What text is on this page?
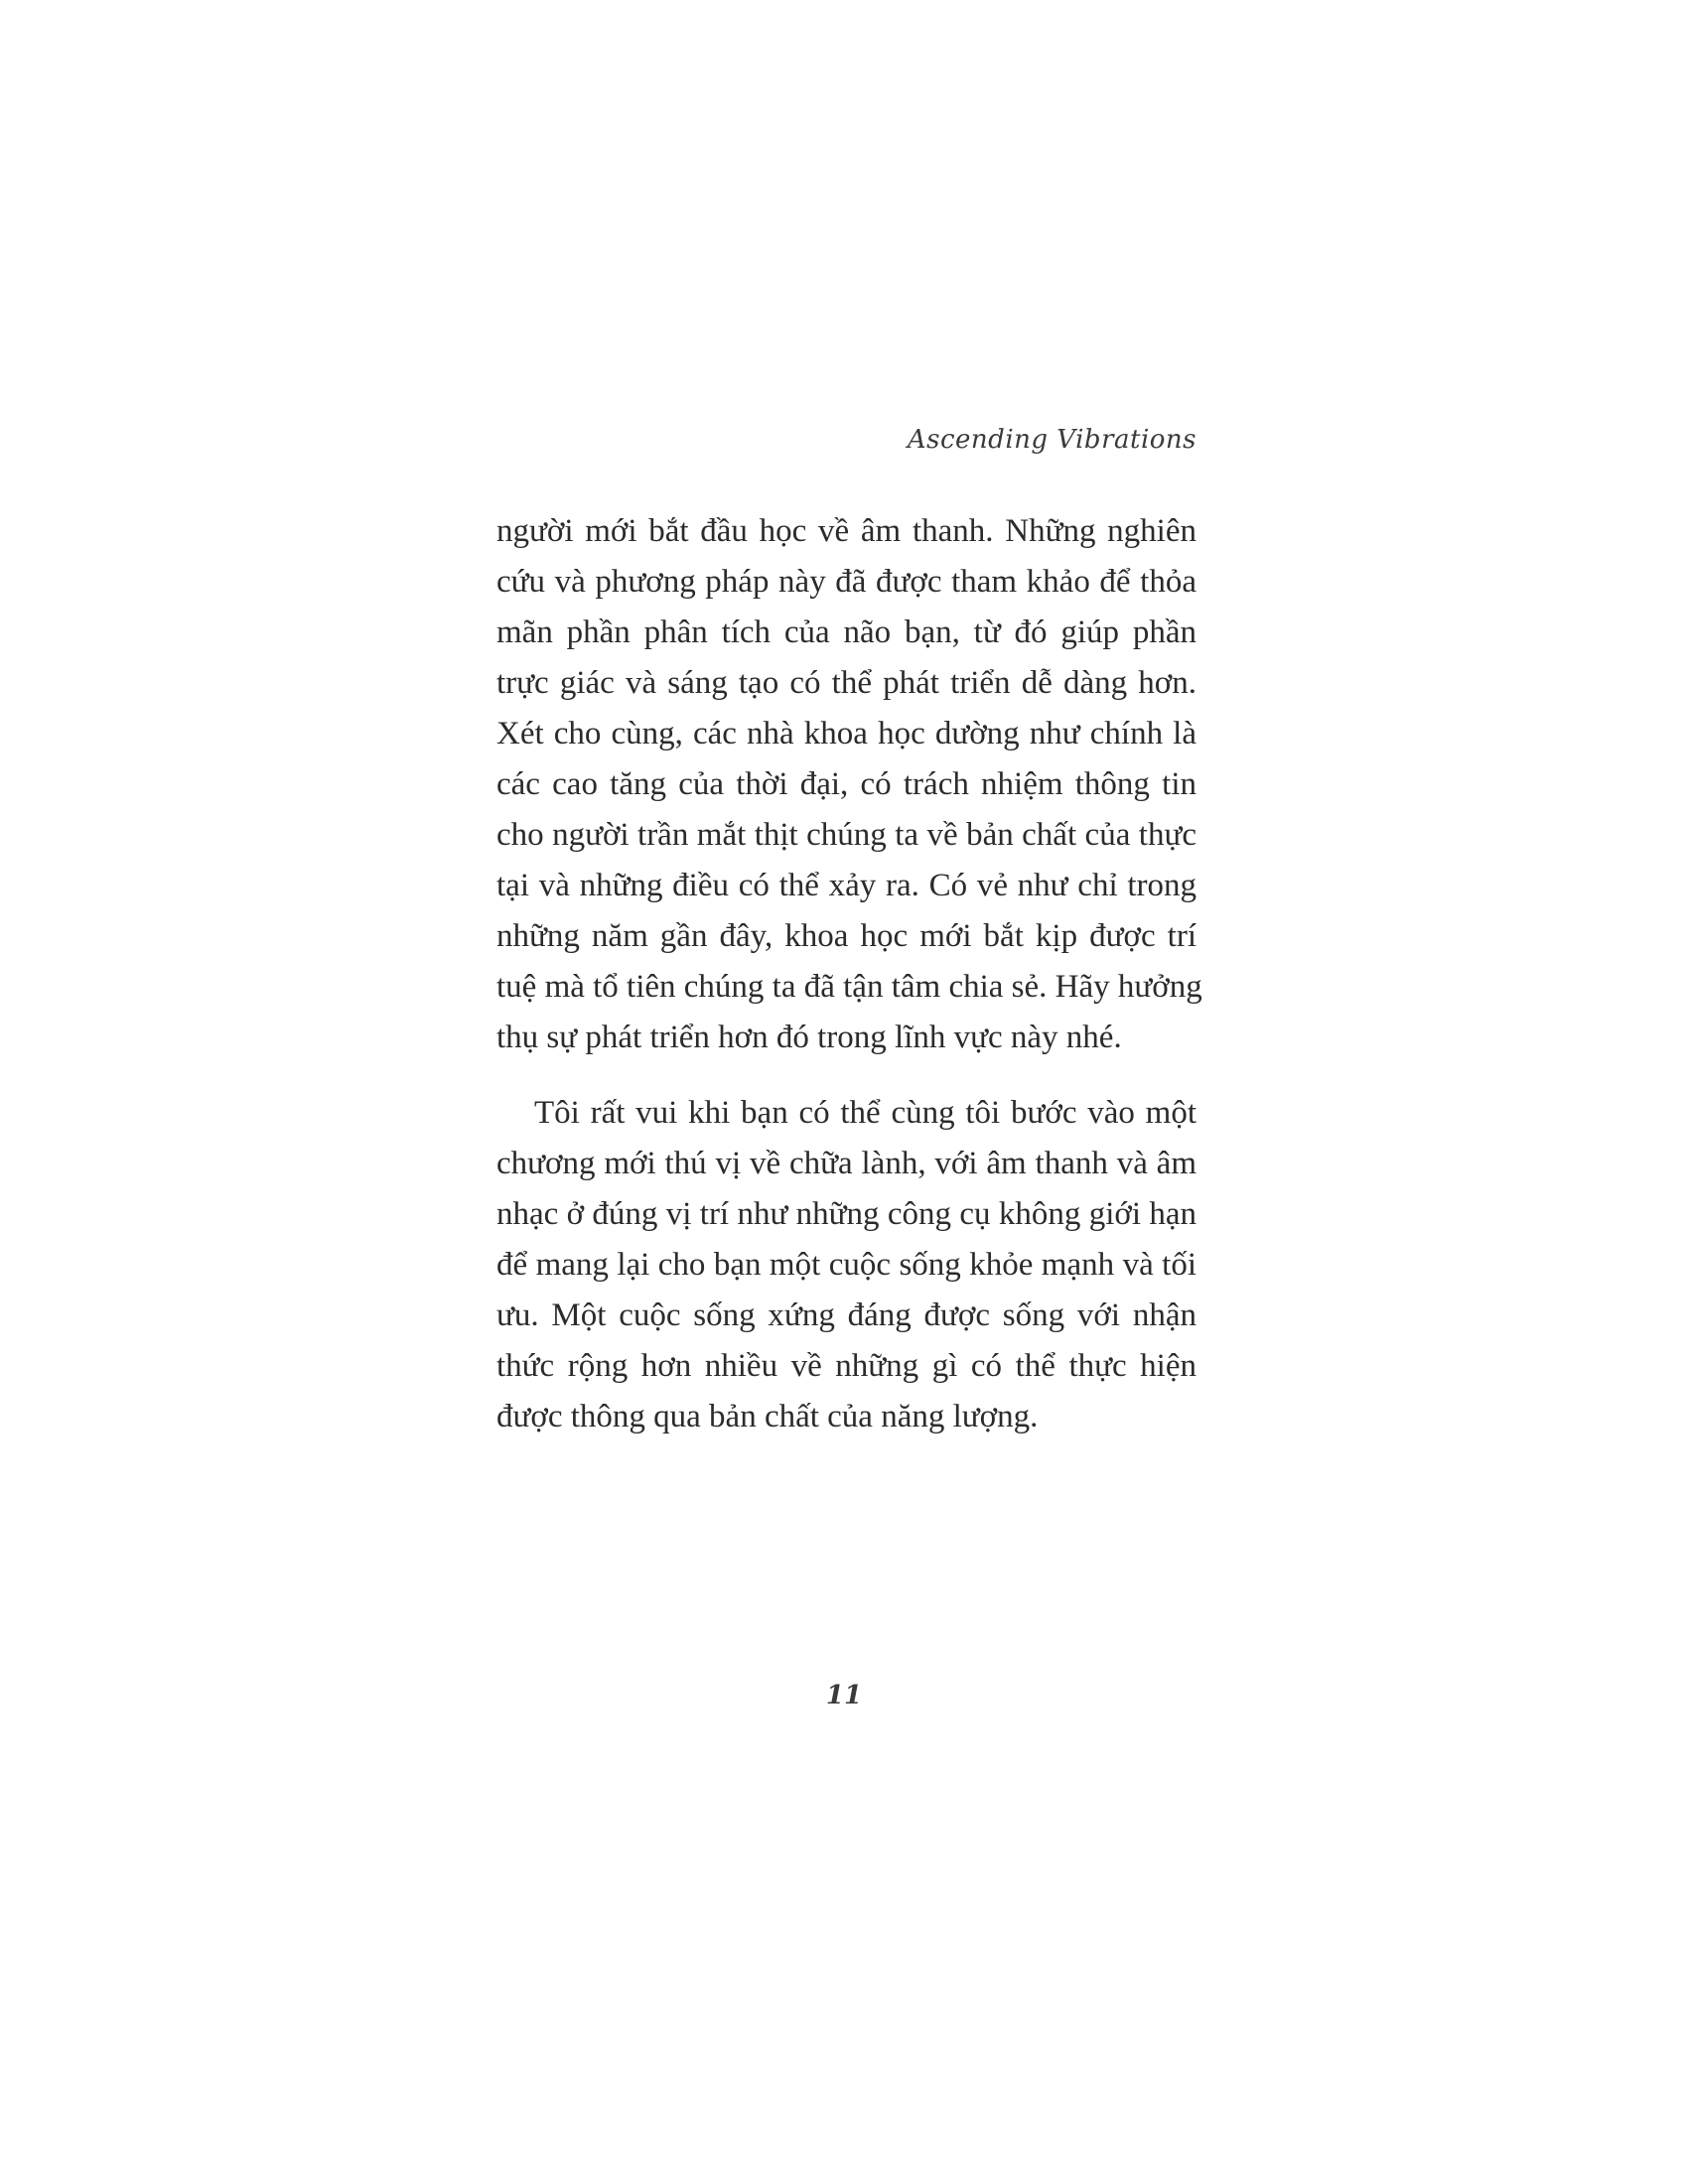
Ascending Vibrations
người mới bắt đầu học về âm thanh. Những nghiên
cứu và phương pháp này đã được tham khảo để thỏa
mãn phần phân tích của não bạn, từ đó giúp phần
trực giác và sáng tạo có thể phát triển dễ dàng hơn.
Xét cho cùng, các nhà khoa học dường như chính là
các cao tăng của thời đại, có trách nhiệm thông tin
cho người trần mắt thịt chúng ta về bản chất của thực
tại và những điều có thể xảy ra. Có vẻ như chỉ trong
những năm gần đây, khoa học mới bắt kịp được trí
tuệ mà tổ tiên chúng ta đã tận tâm chia sẻ. Hãy hưởng
thụ sự phát triển hơn đó trong lĩnh vực này nhé.
Tôi rất vui khi bạn có thể cùng tôi bước vào một
chương mới thú vị về chữa lành, với âm thanh và âm
nhạc ở đúng vị trí như những công cụ không giới hạn
để mang lại cho bạn một cuộc sống khỏe mạnh và tối
ưu. Một cuộc sống xứng đáng được sống với nhận
thức rộng hơn nhiều về những gì có thể thực hiện
được thông qua bản chất của năng lượng.
11
